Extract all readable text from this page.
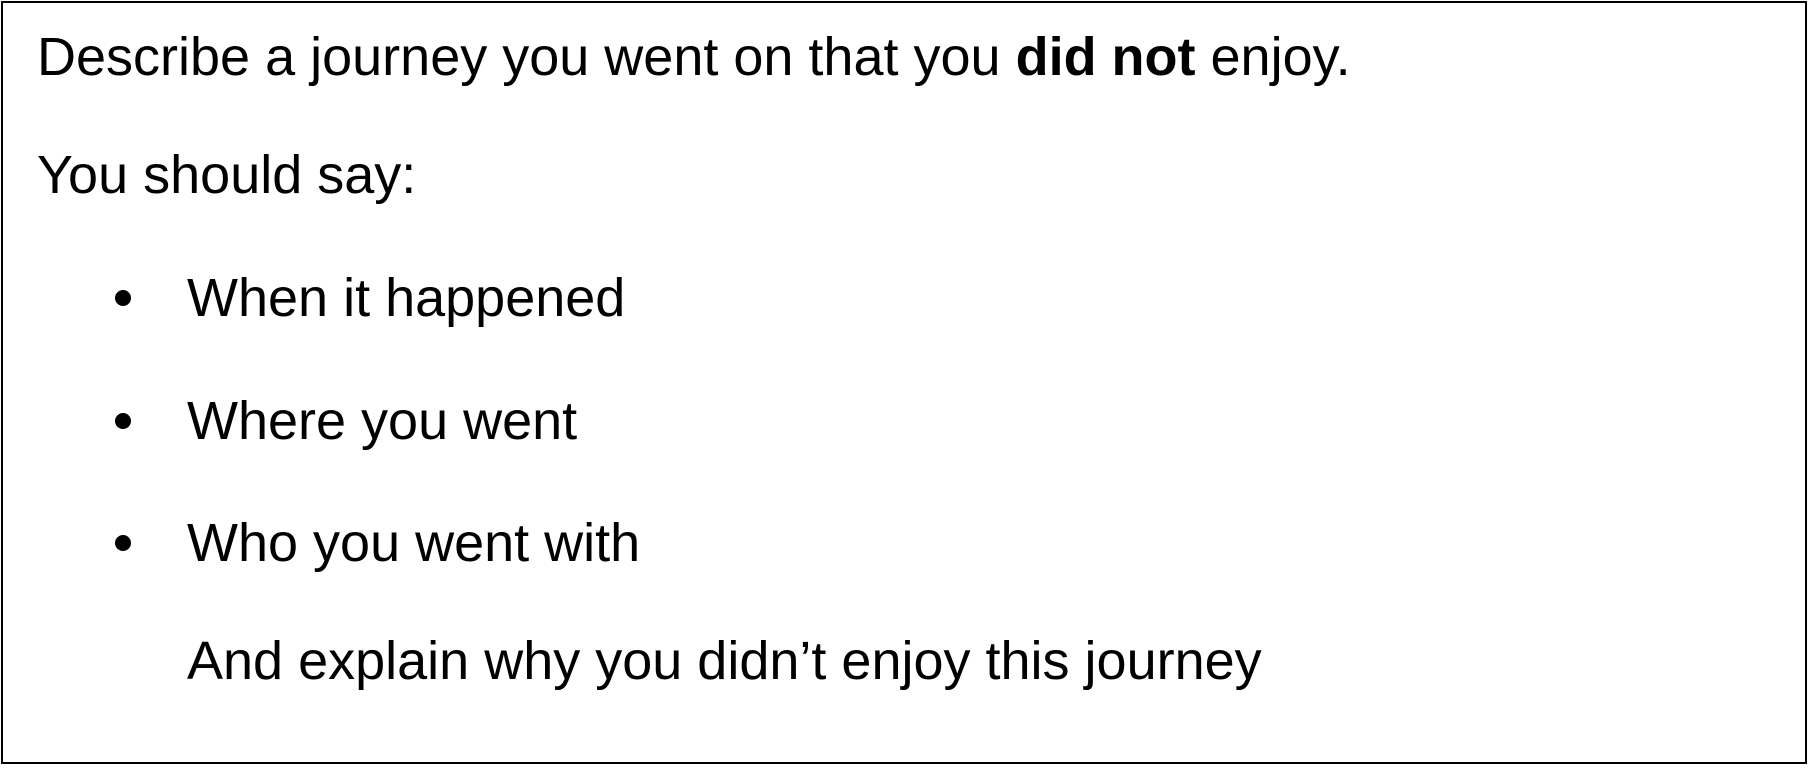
Describe a journey you went on that you did not enjoy.
You should say:
When it happened
Where you went
Who you went with
And explain why you didn’t enjoy this journey
